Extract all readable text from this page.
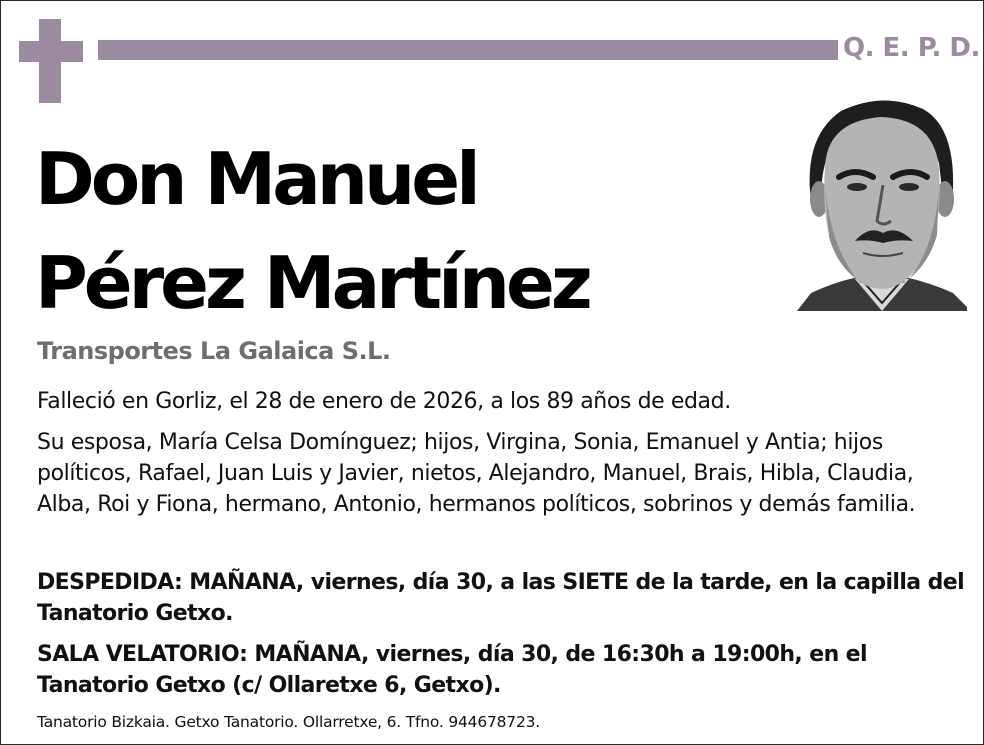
Q. E. P. D.
Don Manuel
Pérez Martínez
Transportes La Galaica S.L.
Falleció en Gorliz, el 28 de enero de 2026, a los 89 años de edad.
Su esposa, María Celsa Domínguez; hijos, Virgina, Sonia, Emanuel y Antia; hijos políticos, Rafael, Juan Luis y Javier, nietos, Alejandro, Manuel, Brais, Hibla, Claudia, Alba, Roi y Fiona, hermano, Antonio, hermanos políticos, sobrinos y demás familia.
DESPEDIDA: MAÑANA, viernes, día 30, a las SIETE de la tarde, en la capilla del Tanatorio Getxo.
SALA VELATORIO: MAÑANA, viernes, día 30, de 16:30h a 19:00h, en el Tanatorio Getxo (c/ Ollaretxe 6, Getxo).
Tanatorio Bizkaia. Getxo Tanatorio. Ollarretxe, 6. Tfno. 944678723.
